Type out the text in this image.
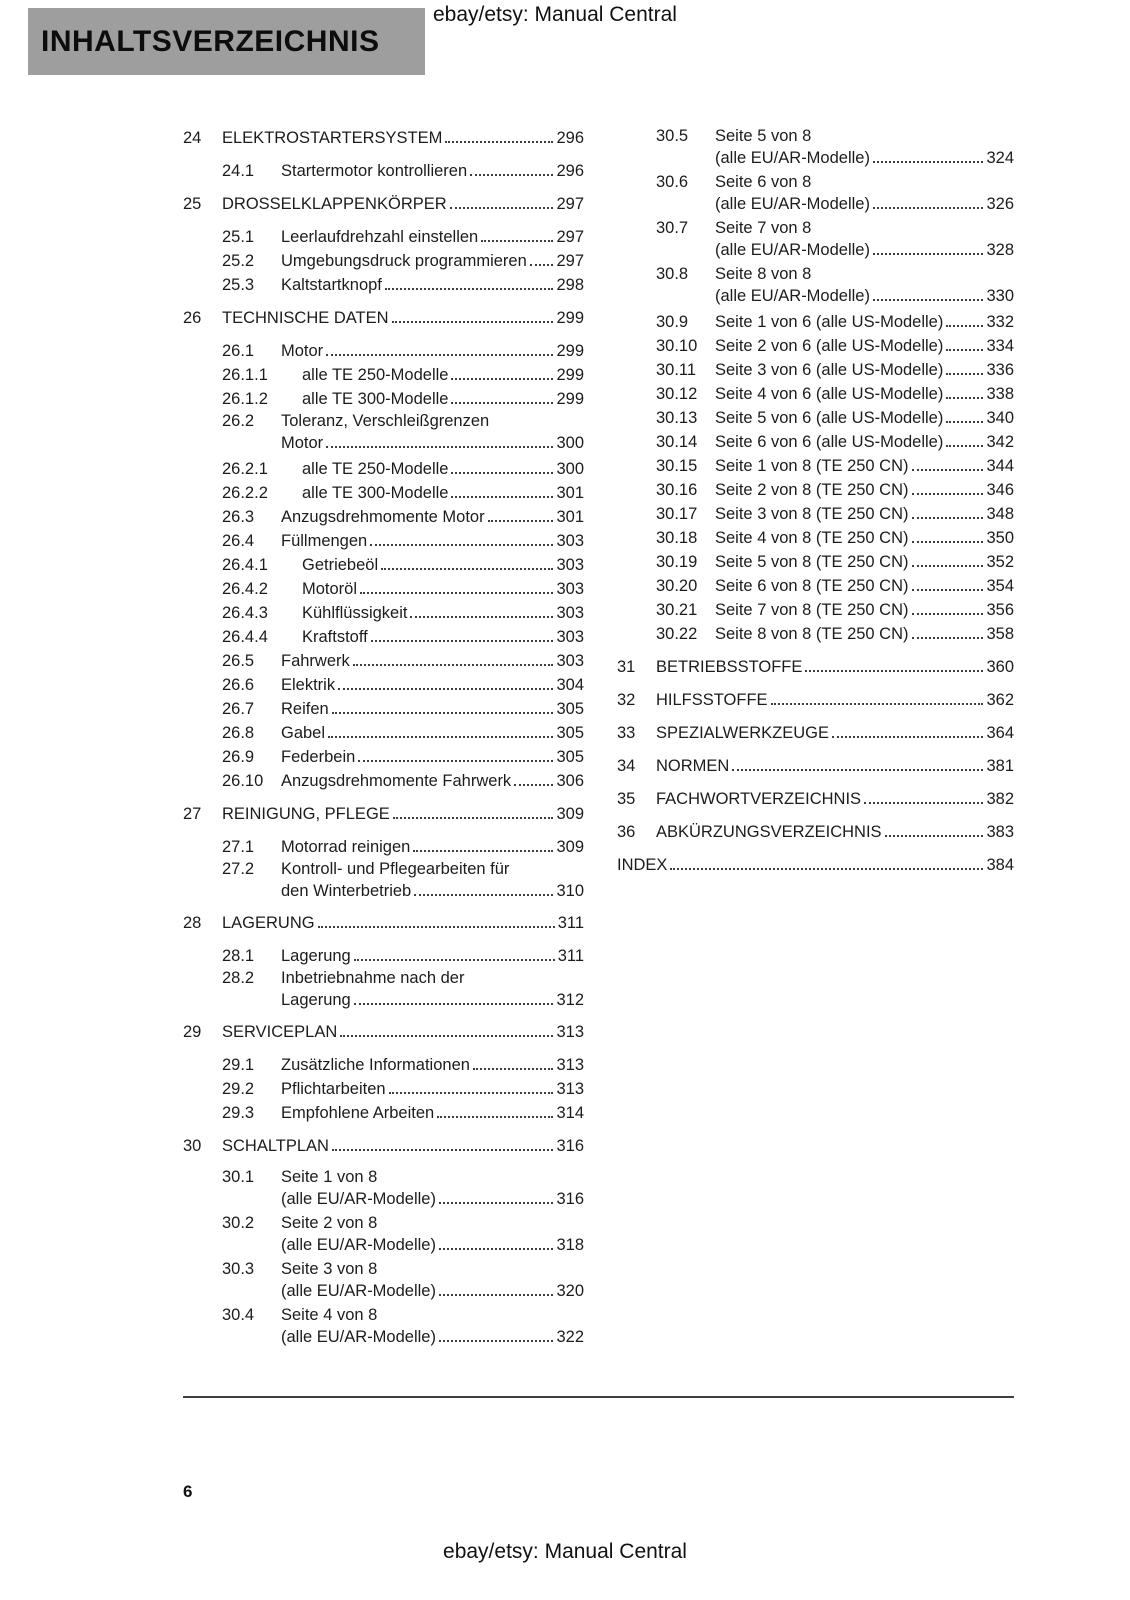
INHALTSVERZEICHNIS
ebay/etsy: Manual Central
24	ELEKTROSTARTERSYSTEM	296
24.1	Startermotor kontrollieren	296
25	DROSSELKLAPPENKÖRPER	297
25.1	Leerlaufdrehzahl einstellen	297
25.2	Umgebungsdruck programmieren 297
25.3	Kaltstartknopf	298
26	TECHNISCHE DATEN	299
26.1	Motor	299
26.1.1	alle TE 250-Modelle	299
26.1.2	alle TE 300-Modelle	299
26.2	Toleranz, Verschleißgrenzen
Motor	300
26.2.1	alle TE 250-Modelle	300
26.2.2	alle TE 300-Modelle	301
26.3	Anzugsdrehmomente Motor	301
26.4	Füllmengen	303
26.4.1	Getriebeöl	303
26.4.2	Motoröl	303
26.4.3	Kühlflüssigkeit	303
26.4.4	Kraftstoff	303
26.5	Fahrwerk	303
26.6	Elektrik	304
26.7	Reifen	305
26.8	Gabel	305
26.9	Federbein	305
26.10	Anzugsdrehmomente Fahrwerk	306
27	REINIGUNG, PFLEGE	309
27.1	Motorrad reinigen	309
27.2	Kontroll- und Pflegearbeiten für
den Winterbetrieb	310
28	LAGERUNG	311
28.1	Lagerung	311
28.2	Inbetriebnahme nach der
Lagerung	312
29	SERVICEPLAN	313
29.1	Zusätzliche Informationen	313
29.2	Pflichtarbeiten	313
29.3	Empfohlene Arbeiten	314
30	SCHALTPLAN	316
30.1	Seite 1 von 8
(alle EU/AR-Modelle)	316
30.2	Seite 2 von 8
(alle EU/AR-Modelle)	318
30.3	Seite 3 von 8
(alle EU/AR-Modelle)	320
30.4	Seite 4 von 8
(alle EU/AR-Modelle)	322
30.5	Seite 5 von 8
(alle EU/AR-Modelle)	324
30.6	Seite 6 von 8
(alle EU/AR-Modelle)	326
30.7	Seite 7 von 8
(alle EU/AR-Modelle)	328
30.8	Seite 8 von 8
(alle EU/AR-Modelle)	330
30.9	Seite 1 von 6 (alle US-Modelle)	332
30.10	Seite 2 von 6 (alle US-Modelle)	334
30.11	Seite 3 von 6 (alle US-Modelle)	336
30.12	Seite 4 von 6 (alle US-Modelle)	338
30.13	Seite 5 von 6 (alle US-Modelle)	340
30.14	Seite 6 von 6 (alle US-Modelle)	342
30.15	Seite 1 von 8 (TE 250 CN)	344
30.16	Seite 2 von 8 (TE 250 CN)	346
30.17	Seite 3 von 8 (TE 250 CN)	348
30.18	Seite 4 von 8 (TE 250 CN)	350
30.19	Seite 5 von 8 (TE 250 CN)	352
30.20	Seite 6 von 8 (TE 250 CN)	354
30.21	Seite 7 von 8 (TE 250 CN)	356
30.22	Seite 8 von 8 (TE 250 CN)	358
31	BETRIEBSSTOFFE	360
32	HILFSSTOFFE	362
33	SPEZIALWERKZEUGE	364
34	NORMEN	381
35	FACHWORTVERZEICHNIS	382
36	ABKÜRZUNGSVERZEICHNIS	383
INDEX	384
6
ebay/etsy: Manual Central
